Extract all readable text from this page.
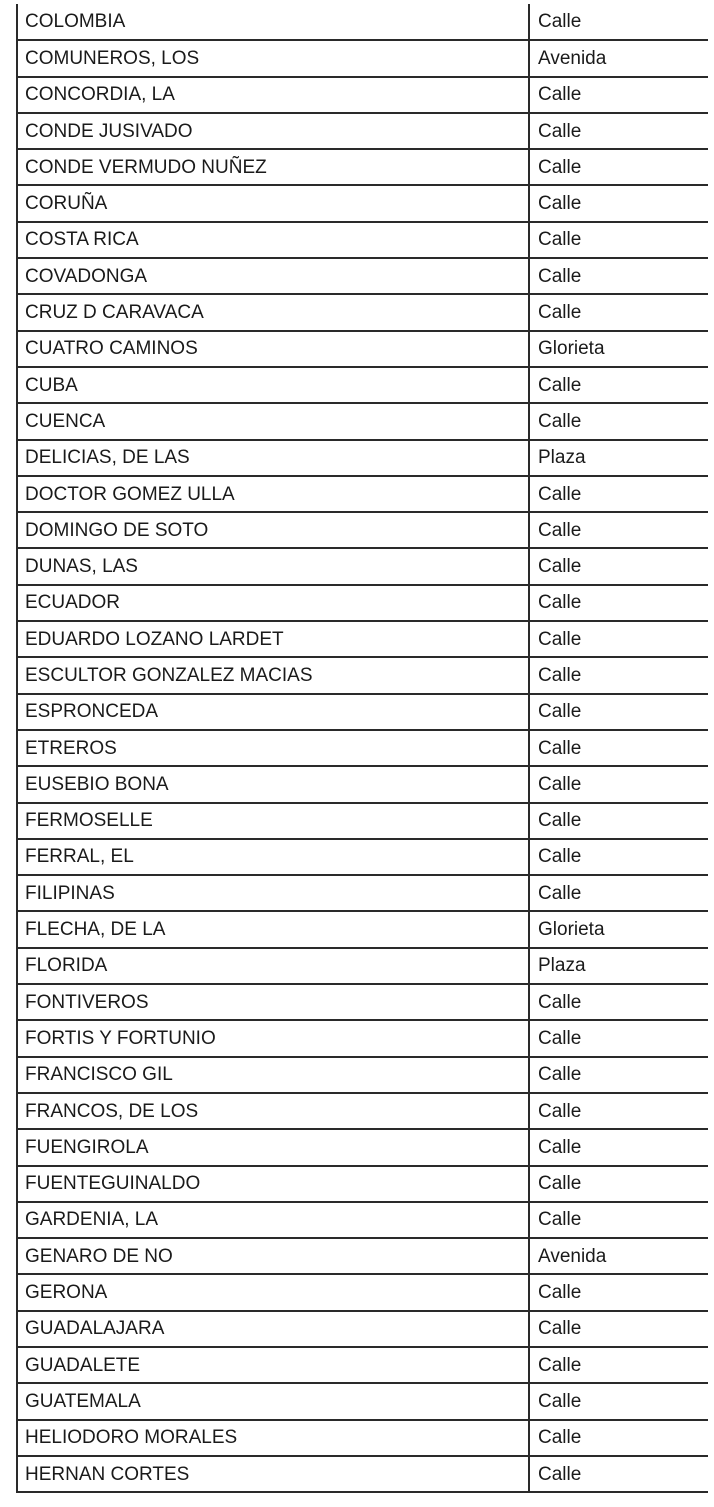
COLOMBIA	Calle
COMUNEROS, LOS	Avenida
CONCORDIA, LA	Calle
CONDE JUSIVADO	Calle
CONDE VERMUDO NUÑEZ	Calle
CORUÑA	Calle
COSTA RICA	Calle
COVADONGA	Calle
CRUZ D CARAVACA	Calle
CUATRO CAMINOS	Glorieta
CUBA	Calle
CUENCA	Calle
DELICIAS, DE LAS	Plaza
DOCTOR GOMEZ ULLA	Calle
DOMINGO DE SOTO	Calle
DUNAS, LAS	Calle
ECUADOR	Calle
EDUARDO LOZANO LARDET	Calle
ESCULTOR GONZALEZ MACIAS	Calle
ESPRONCEDA	Calle
ETREROS	Calle
EUSEBIO BONA	Calle
FERMOSELLE	Calle
FERRAL, EL	Calle
FILIPINAS	Calle
FLECHA, DE LA	Glorieta
FLORIDA	Plaza
FONTIVEROS	Calle
FORTIS Y FORTUNIO	Calle
FRANCISCO GIL	Calle
FRANCOS, DE LOS	Calle
FUENGIROLA	Calle
FUENTEGUINALDO	Calle
GARDENIA, LA	Calle
GENARO DE NO	Avenida
GERONA	Calle
GUADALAJARA	Calle
GUADALETE	Calle
GUATEMALA	Calle
HELIODORO MORALES	Calle
HERNAN CORTES	Calle
